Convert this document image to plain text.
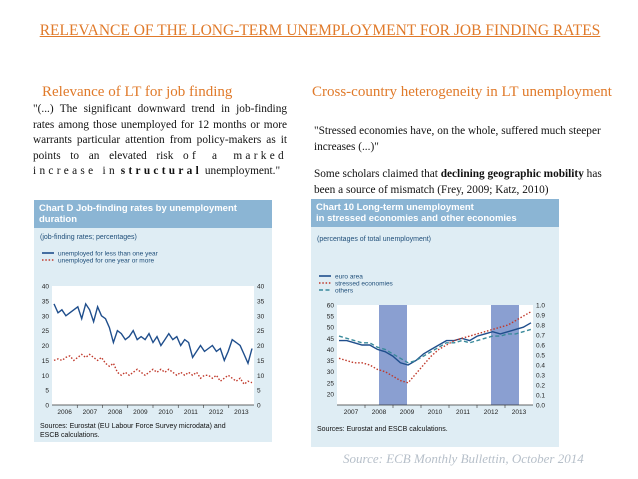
RELEVANCE OF THE LONG-TERM UNEMPLOYMENT FOR JOB FINDING RATES
Relevance of LT for job finding	Cross-country heterogeneity in LT unemployment
"(...) The significant downward trend in job-finding rates among those unemployed for 12 months or more warrants particular attention from policy-makers as it points to an elevated risk of a marked increase in structural unemployment."
"Stressed economies have, on the whole, suffered much steeper increases (...)"
Some scholars claimed that declining geographic mobility has been a source of mismatch (Frey, 2009; Katz, 2010)
Chart D Job-finding rates by unemployment duration
(job-finding rates; percentages)
0	0
5	5
10	10
15	15
20	20
25	25
30	30
35	35
40	40
2006 2007 2008 2009 2010 2011 2012 2013
unemployed for less than one year
unemployed for one year or more
Sources: Eurostat (EU Labour Force Survey microdata) and
ESCB calculations.
Chart 10 Long-term unemployment
in stressed economies and other economies
(percentages of total unemployment)
20
25
30
35
40
45
50
55
60
0.0
0.1
0.2
0.3
0.4
0.5
0.6
0.7
0.8
0.9
1.0
2007 2008 2009 2010 2011 2012 2013
euro area
stressed economies
others
Sources: Eurostat and ESCB calculations.
Source: ECB Monthly Bullettin, October 2014
